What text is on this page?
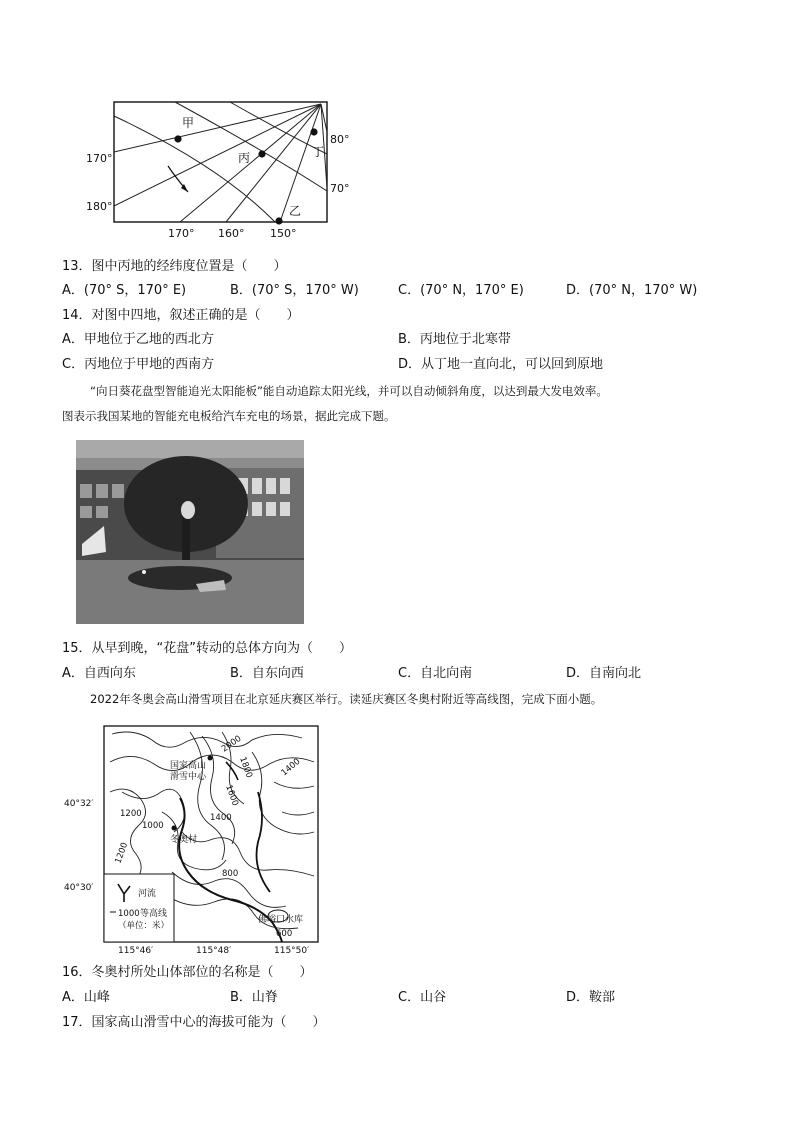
甲
丙	丁
乙
170°
180°
80°
70°
170° 160° 150°
13．图中丙地的经纬度位置是（　　）
A．(70° S，170° E)	B．(70° S，170° W)	C．(70° N，170° E)	D．(70° N，170° W)
14．对图中四地，叙述正确的是（　　）
A．甲地位于乙地的西北方	B．丙地位于北寒带
C．丙地位于甲地的西南方	D．从丁地一直向北，可以回到原地
“向日葵花盘型智能追光太阳能板”能自动追踪太阳光线，并可以自动倾斜角度，以达到最大发电效率。
图表示我国某地的智能充电板给汽车充电的场景，据此完成下题。
15．从早到晚，“花盘”转动的总体方向为（　　）
A．自西向东	B．自东向西	C．自北向南	D．自南向北
2022年冬奥会高山滑雪项目在北京延庆赛区举行。读延庆赛区冬奥村附近等高线图，完成下面小题。
国家高山
滑雪中心
冬奥村
佛峪口水库
2000
1800
1600
1400
1400
1200
1000
1200
800
600
40°32′
40°30′
115°46′	115°48′	115°50′
河流
1000 等高线
（单位：米）
16．冬奥村所处山体部位的名称是（　　）
A．山峰	B．山脊	C．山谷	D．鞍部
17．国家高山滑雪中心的海拔可能为（　　）
